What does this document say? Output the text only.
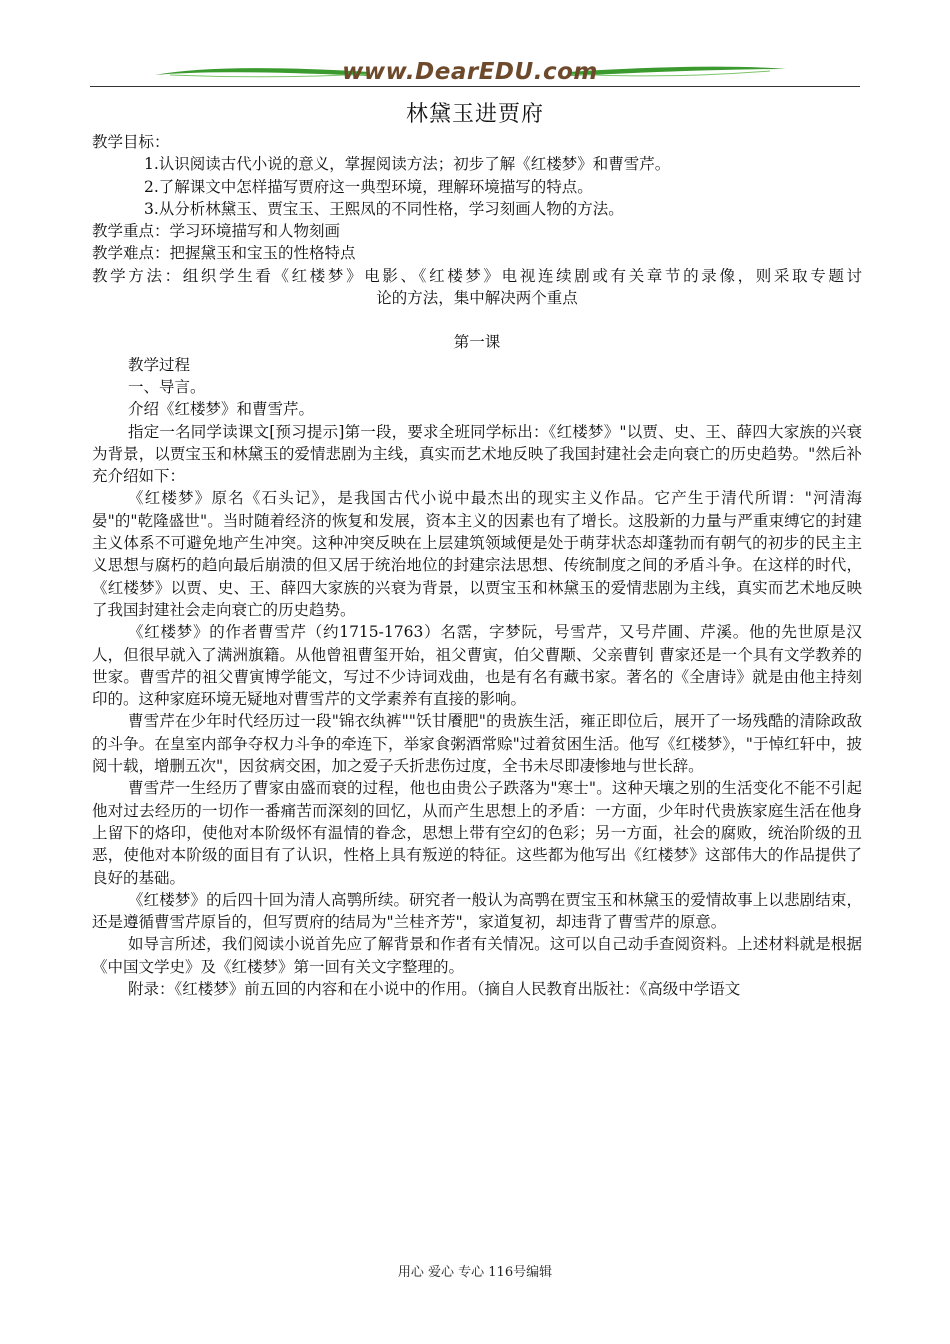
www.DearEDU.com
林黛玉进贾府

教学目标：

1.认识阅读古代小说的意义，掌握阅读方法；初步了解《红楼梦》和曹雪芹。

2.了解课文中怎样描写贾府这一典型环境，理解环境描写的特点。

3.从分析林黛玉、贾宝玉、王熙凤的不同性格，学习刻画人物的方法。

教学重点：学习环境描写和人物刻画

教学难点：把握黛玉和宝玉的性格特点

教学方法：组织学生看《红楼梦》电影、《红楼梦》电视连续剧或有关章节的录像，则采取专题讨

论的方法，集中解决两个重点

第一课

教学过程

一、导言。

介绍《红楼梦》和曹雪芹。

指定一名同学读课文[预习提示]第一段，要求全班同学标出：《红楼梦》"以贾、史、王、薛四大家族的兴衰为背景，以贾宝玉和林黛玉的爱情悲剧为主线，真实而艺术地反映了我国封建社会走向衰亡的历史趋势。"然后补充介绍如下：

《红楼梦》原名《石头记》，是我国古代小说中最杰出的现实主义作品。它产生于清代所谓："河清海晏"的"乾隆盛世"。当时随着经济的恢复和发展，资本主义的因素也有了增长。这股新的力量与严重束缚它的封建主义体系不可避免地产生冲突。这种冲突反映在上层建筑领域便是处于萌芽状态却蓬勃而有朝气的初步的民主主义思想与腐朽的趋向最后崩溃的但又居于统治地位的封建宗法思想、传统制度之间的矛盾斗争。在这样的时代，《红楼梦》以贾、史、王、薛四大家族的兴衰为背景，以贾宝玉和林黛玉的爱情悲剧为主线，真实而艺术地反映了我国封建社会走向衰亡的历史趋势。

《红楼梦》的作者曹雪芹（约1715-1763）名霑，字梦阮，号雪芹，又号芹圃、芹溪。他的先世原是汉人，但很早就入了满洲旗籍。从他曾祖曹玺开始，祖父曹寅，伯父曹颙、父亲曹钊 曹家还是一个具有文学教养的世家。曹雪芹的祖父曹寅博学能文，写过不少诗词戏曲，也是有名有藏书家。著名的《全唐诗》就是由他主持刻印的。这种家庭环境无疑地对曹雪芹的文学素养有直接的影响。

曹雪芹在少年时代经历过一段"锦衣纨裤""饫甘餍肥"的贵族生活，雍正即位后，展开了一场残酷的清除政敌的斗争。在皇室内部争夺权力斗争的牵连下，举家食粥酒常赊"过着贫困生活。他写《红楼梦》，"于悼红轩中，披阅十载，增删五次"，因贫病交困，加之爱子夭折悲伤过度，全书未尽即凄惨地与世长辞。

曹雪芹一生经历了曹家由盛而衰的过程，他也由贵公子跌落为"寒士"。这种天壤之别的生活变化不能不引起他对过去经历的一切作一番痛苦而深刻的回忆，从而产生思想上的矛盾：一方面，少年时代贵族家庭生活在他身上留下的烙印，使他对本阶级怀有温情的眷念，思想上带有空幻的色彩；另一方面，社会的腐败，统治阶级的丑恶，使他对本阶级的面目有了认识，性格上具有叛逆的特征。这些都为他写出《红楼梦》这部伟大的作品提供了良好的基础。

《红楼梦》的后四十回为清人高鹗所续。研究者一般认为高鹗在贾宝玉和林黛玉的爱情故事上以悲剧结束，还是遵循曹雪芹原旨的，但写贾府的结局为"兰桂齐芳"，家道复初，却违背了曹雪芹的原意。

如导言所述，我们阅读小说首先应了解背景和作者有关情况。这可以自己动手查阅资料。上述材料就是根据《中国文学史》及《红楼梦》第一回有关文字整理的。

附录：《红楼梦》前五回的内容和在小说中的作用。（摘自人民教育出版社：《高级中学语文

用心 爱心 专心 116号编辑
